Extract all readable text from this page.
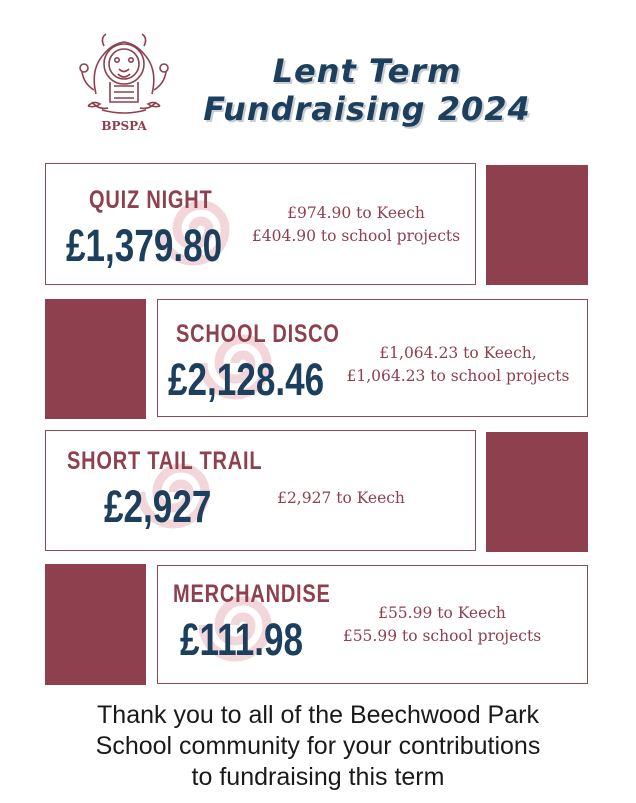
BPSPA
Lent Term
Fundraising 2024
QUIZ NIGHT
£1,379.80
£974.90 to Keech
£404.90 to school projects
SCHOOL DISCO
£2,128.46
£1,064.23 to Keech,
£1,064.23 to school projects
SHORT TAIL TRAIL
£2,927	£2,927 to Keech
MERCHANDISE
£111.98
£55.99 to Keech
£55.99 to school projects
Thank you to all of the Beechwood Park
School community for your contributions
to fundraising this term
